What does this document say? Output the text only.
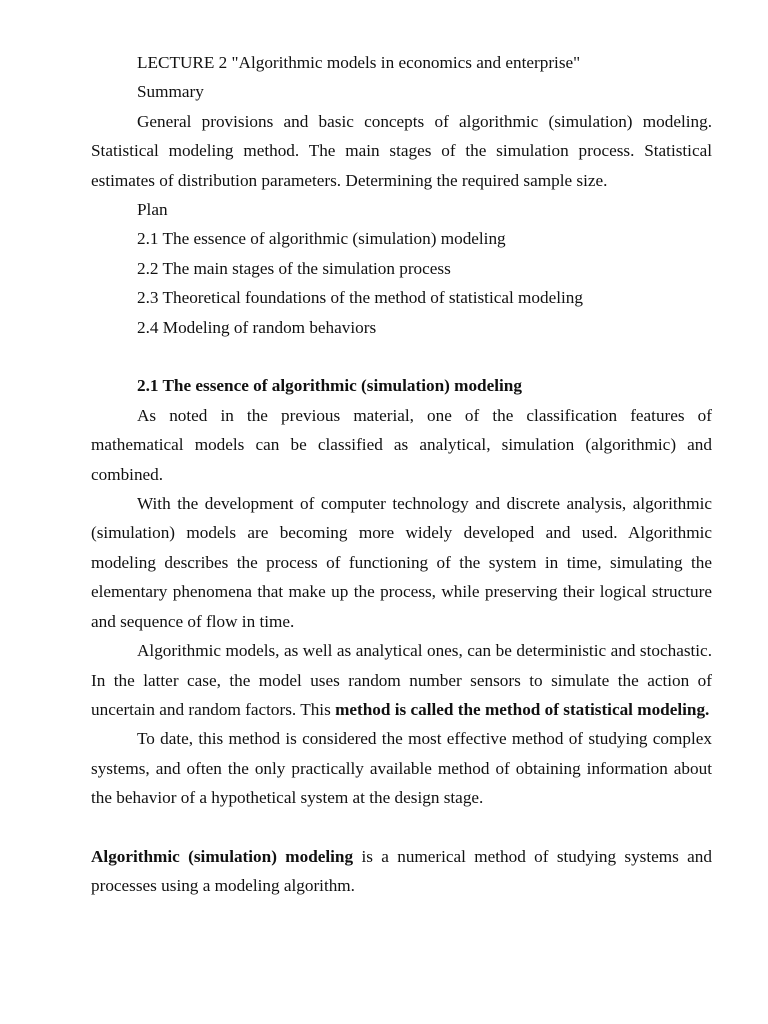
LECTURE 2 "Algorithmic models in economics and enterprise"

Summary

General provisions and basic concepts of algorithmic (simulation) modeling. Statistical modeling method. The main stages of the simulation process. Statistical estimates of distribution parameters. Determining the required sample size.

Plan

2.1 The essence of algorithmic (simulation) modeling

2.2 The main stages of the simulation process

2.3 Theoretical foundations of the method of statistical modeling

2.4 Modeling of random behaviors

2.1 The essence of algorithmic (simulation) modeling

As noted in the previous material, one of the classification features of mathematical models can be classified as analytical, simulation (algorithmic) and combined.

With the development of computer technology and discrete analysis, algorithmic (simulation) models are becoming more widely developed and used. Algorithmic modeling describes the process of functioning of the system in time, simulating the elementary phenomena that make up the process, while preserving their logical structure and sequence of flow in time.

Algorithmic models, as well as analytical ones, can be deterministic and stochastic. In the latter case, the model uses random number sensors to simulate the action of uncertain and random factors. This method is called the method of statistical modeling.

To date, this method is considered the most effective method of studying complex systems, and often the only practically available method of obtaining information about the behavior of a hypothetical system at the design stage.

Algorithmic (simulation) modeling is a numerical method of studying systems and processes using a modeling algorithm.
